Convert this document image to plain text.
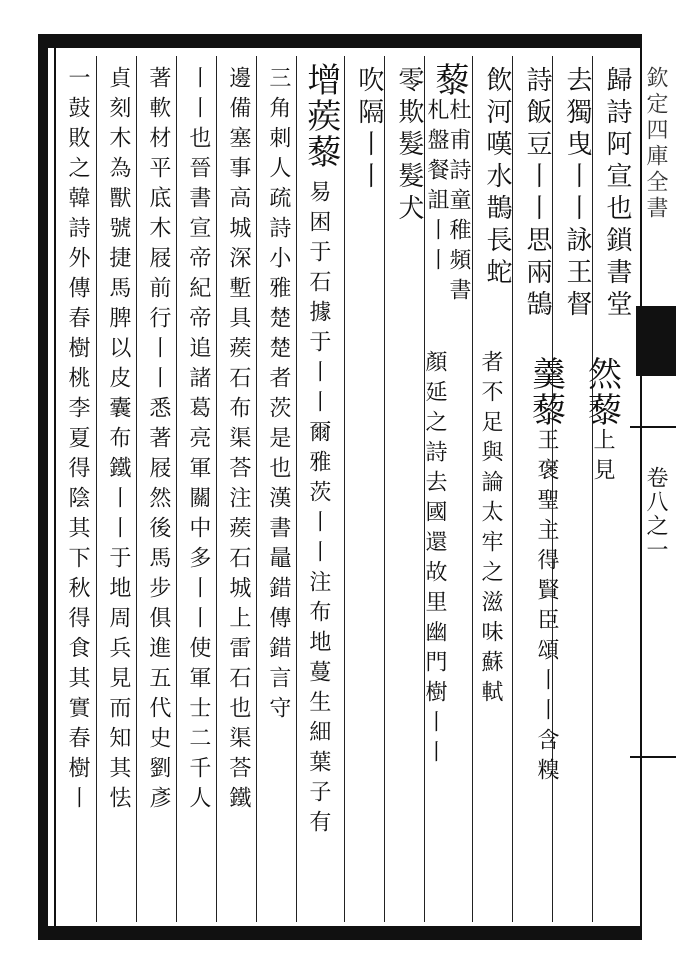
欽定四庫全書
卷八之一
歸詩阿宣也鎖書堂
去獨曳丨丨詠王督
詩飯豆丨丨思兩鵠
飲河嘆水鵲長蛇
藜
杜甫詩童稚頻書
札盤餐詛丨丨
零欺髮髮犬
吹隔丨丨
增蒺藜
易困于石據于丨丨爾雅茨丨丨注布地蔓生細葉子有
三角刺人疏詩小雅楚楚者茨是也漢書鼂錯傳錯言守
邊備塞事高城深塹具蒺石布渠荅注蒺石城上雷石也渠荅鐵
丨丨也晉書宣帝紀帝追諸葛亮軍關中多丨丨使軍士二千人
著軟材平底木屐前行丨丨悉著屐然後馬步俱進五代史劉彥
貞刻木為獸號捷馬脾以皮囊布鐵丨丨于地周兵見而知其怯
一鼓敗之韓詩外傳春樹桃李夏得陰其下秋得食其實春樹丨	然藜
上見
羹藜
王褒聖主得賢臣頌丨丨含糗
者不足與論太牢之滋味蘇軾
顏延之詩去國還故里幽門樹丨丨
